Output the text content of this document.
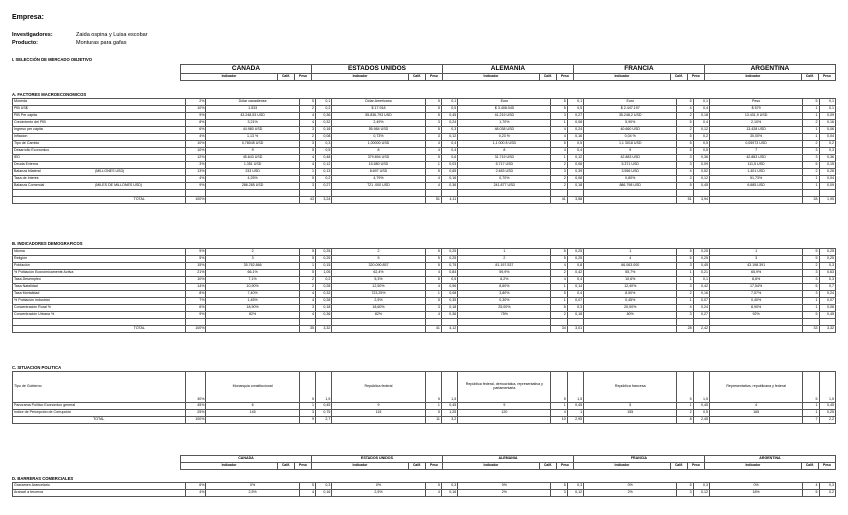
Empresa:
Investigadores:	Zaida ospina y Luisa escobar
Producto:	Monturas para gafas
I. SELECCIÓN DE MERCADO OBJETIVO
CANADA			ESTADOS UNIDOS			ALEMANIA			FRANCIA			ARGENTINA		
Indicador	Calif.	Peso	Indicador	Calif.	Peso	Indicador	Calif.	Peso	Indicador	Calif.	Peso	Indicador	Calif.	Peso
A. FACTORES MACROECONOMICOS
Moneda		2%	Dólar canadiense	5	0,1	Dólar Americano	5	0,1	Euro	5	0,1	Euro	5	0,1	Peso	5	0,1
PIB US$		10%	1.533	2	0,2	$ 17.918	5	0,5	$ 3.408.045	5	0,5	$ 2.447.197	4	0,4	$ 579	1	0,1
PIB Per cápita		9%	43.248,53 USD	4	0,36	55.836,793 USD	5	0,45	41.219 USD	3	0,27	35.248,2 USD	2	0,18	13.431,9 USD	1	0,09
Crecimiento del PIB		8%	3,21%	4	0,32	2,49%	3	0,24	1,70%	1	0,08	5,90%	5	0,4	2,10%	2	0,16
Ingreso per cápita		6%	44.980 USD	3	0,18	55.984 USD	5	0,3	48.038 USD	4	0,24	40.660 USD	2	0,12	13.428 USD	1	0,06
Inflacion		4%	1,13 %	2	0,08	0,73%	3	0,12	0,23 %	4	0,16	0,04 %	5	0,2	30,00%	1	0,04
Tipo de Cambio		10%	0,78045 USD	3	0,3	1,00000 USD	4	0,4	1,1 000 8 USD	5	0,5	1,1 3018 USD	5	0,5	0,05973 USD	2	0,2
Desarrollo Economico		10%	9	5	0,5	8	4	0,4	8	4	0,4	9	5	0,5	7	3	0,3
IED		12%	45.643 USD	4	0,48	379.894 USD	5	0,6	31.719 USD	1	0,12	42.883 USD	3	0,36	42.883 USD	3	0,36
Deuda Externa		3%	1.351 USD	4	0,12	15.580 USD	1	0,03	5.717 USD	2	0,06	5.371 USD	3	0,09	111,5 USD	5	0,15
Balanza bilateral	(MILLONES USD)	13%	233 USD	1	0,13	8.697 USD	5	0,65	2.483 USD	3	0,39	3.556 USD	4	0,52	1.401 USD	2	0,26
Tasa de Interés		4%	4,25%	5	0,2	4,79%	4	0,16	0,70%	2	0,08	0,80%	3	0,12	51,73%	1	0,04
Balanza Comercial	(MILES DE MILLONES USD)	9%	286.285 USD	3	0,27	721 .000 USD	4	0,36	241.877 USD	2	0,18	886.798 USD	5	0,45	6.685 USD	1	0,09

	TOTAL	100%		43	3,24		51	4,11		41	3,58		51	3,94		28	1,95
B. INDICADORES DEMOGRAFICOS
Idioma		5%	2	5	0,25	2	5	0,25	1	5	0,25	1	5	0,25	1	5	0,25
Religión		5%	3	5	0,25	5	5	0,25	2	5	0,25	4	5	0,25	3	5	0,25
Población		15%	35.762.866	1	0,15	320.090.857	5	0,75	81.197.537	4	0,6	66.063.000	3	0,45	43.198.391	2	0,3
% Población Económicamente Activa		21%	66,1%	5	1,05	62,4%	4	0,84	59,9%	2	0,42	55,7%	1	0,21	65,9%	3	0,63
Tasa Desempleo		10%	7,1%	2	0,2	5,3%	5	0,5	6,2%	4	0,4	10,6%	1	0,1	8,6%	3	0,3
Tasa Natalidad		14%	10,90%	2	0,28	12,50%	4	0,56	8,60%	1	0,14	12,40%	3	0,42	17,54%	5	0,7
Tasa Mortalidad		8%	7,40%	4	0,32	723,25%	1	0,08	3,80%	5	0,4	8,50%	2	0,16	7,57%	3	0,24
% Población Industrial		7%	1,45%	4	0,28	2,5%	5	0,35	0,30%	1	0,07	0,45%	1	0,07	0,40%	1	0,07
Concentración Rural %		6%	18,90%	3	0,18	18,60%	3	0,18	25,00%	5	0,3	20,00%	4	0,24	8,90%	1	0,06
Concentración Urbana %		9%	82%	4	0,36	82%	4	0,36	75%	2	0,18	80%	3	0,27	92%	5	0,45

	TOTAL	100%		35	3,32		41	4,12		34	3,01		28	2,42		33	3,32
C. SITUACION POLITICA
Tipo de Gobierno	30%	Monarquía constitucional	5	1,5	República federal	5	1,5	República federal, democrática, representativa y parlamentaria	5	1,5	República francesa	5	1,5	Representativa, republicana y federal	5	1,5
Panorama Político Económico general	45%	6	1	0,45	9	1	0,45	9	1	0,45	5	1	0,45	4	1	0,45
Indice de Percepción de Corrupción	25%	145	3	0,75	115	5	1,25	120	4	1	155	2	0,5	165	1	0,25
TOTAL	100%		9	2,7		11	3,2		10	2,95		8	2,45		7	2,2
CANADA			ESTADOS UNIDOS			ALEMANIA			FRANCIA			ARGENTINA		
Indicador	Calif.	Peso	Indicador	Calif.	Peso	Indicador	Calif.	Peso	Indicador	Calif.	Peso	Indicador	Calif.	Peso
D. BARRERAS COMERCIALES
Gravamen Arancelario	6%	0%	5	0,3	0%	5	0,3	0%	5	0,3	0%	5	0,3	0%	4	0,3
Arancel a terceros	4%	2,5%	4	0,16	2,5%	4	0,16	2%	3	0,12	2%	3	0,12	18%	5	0,2
